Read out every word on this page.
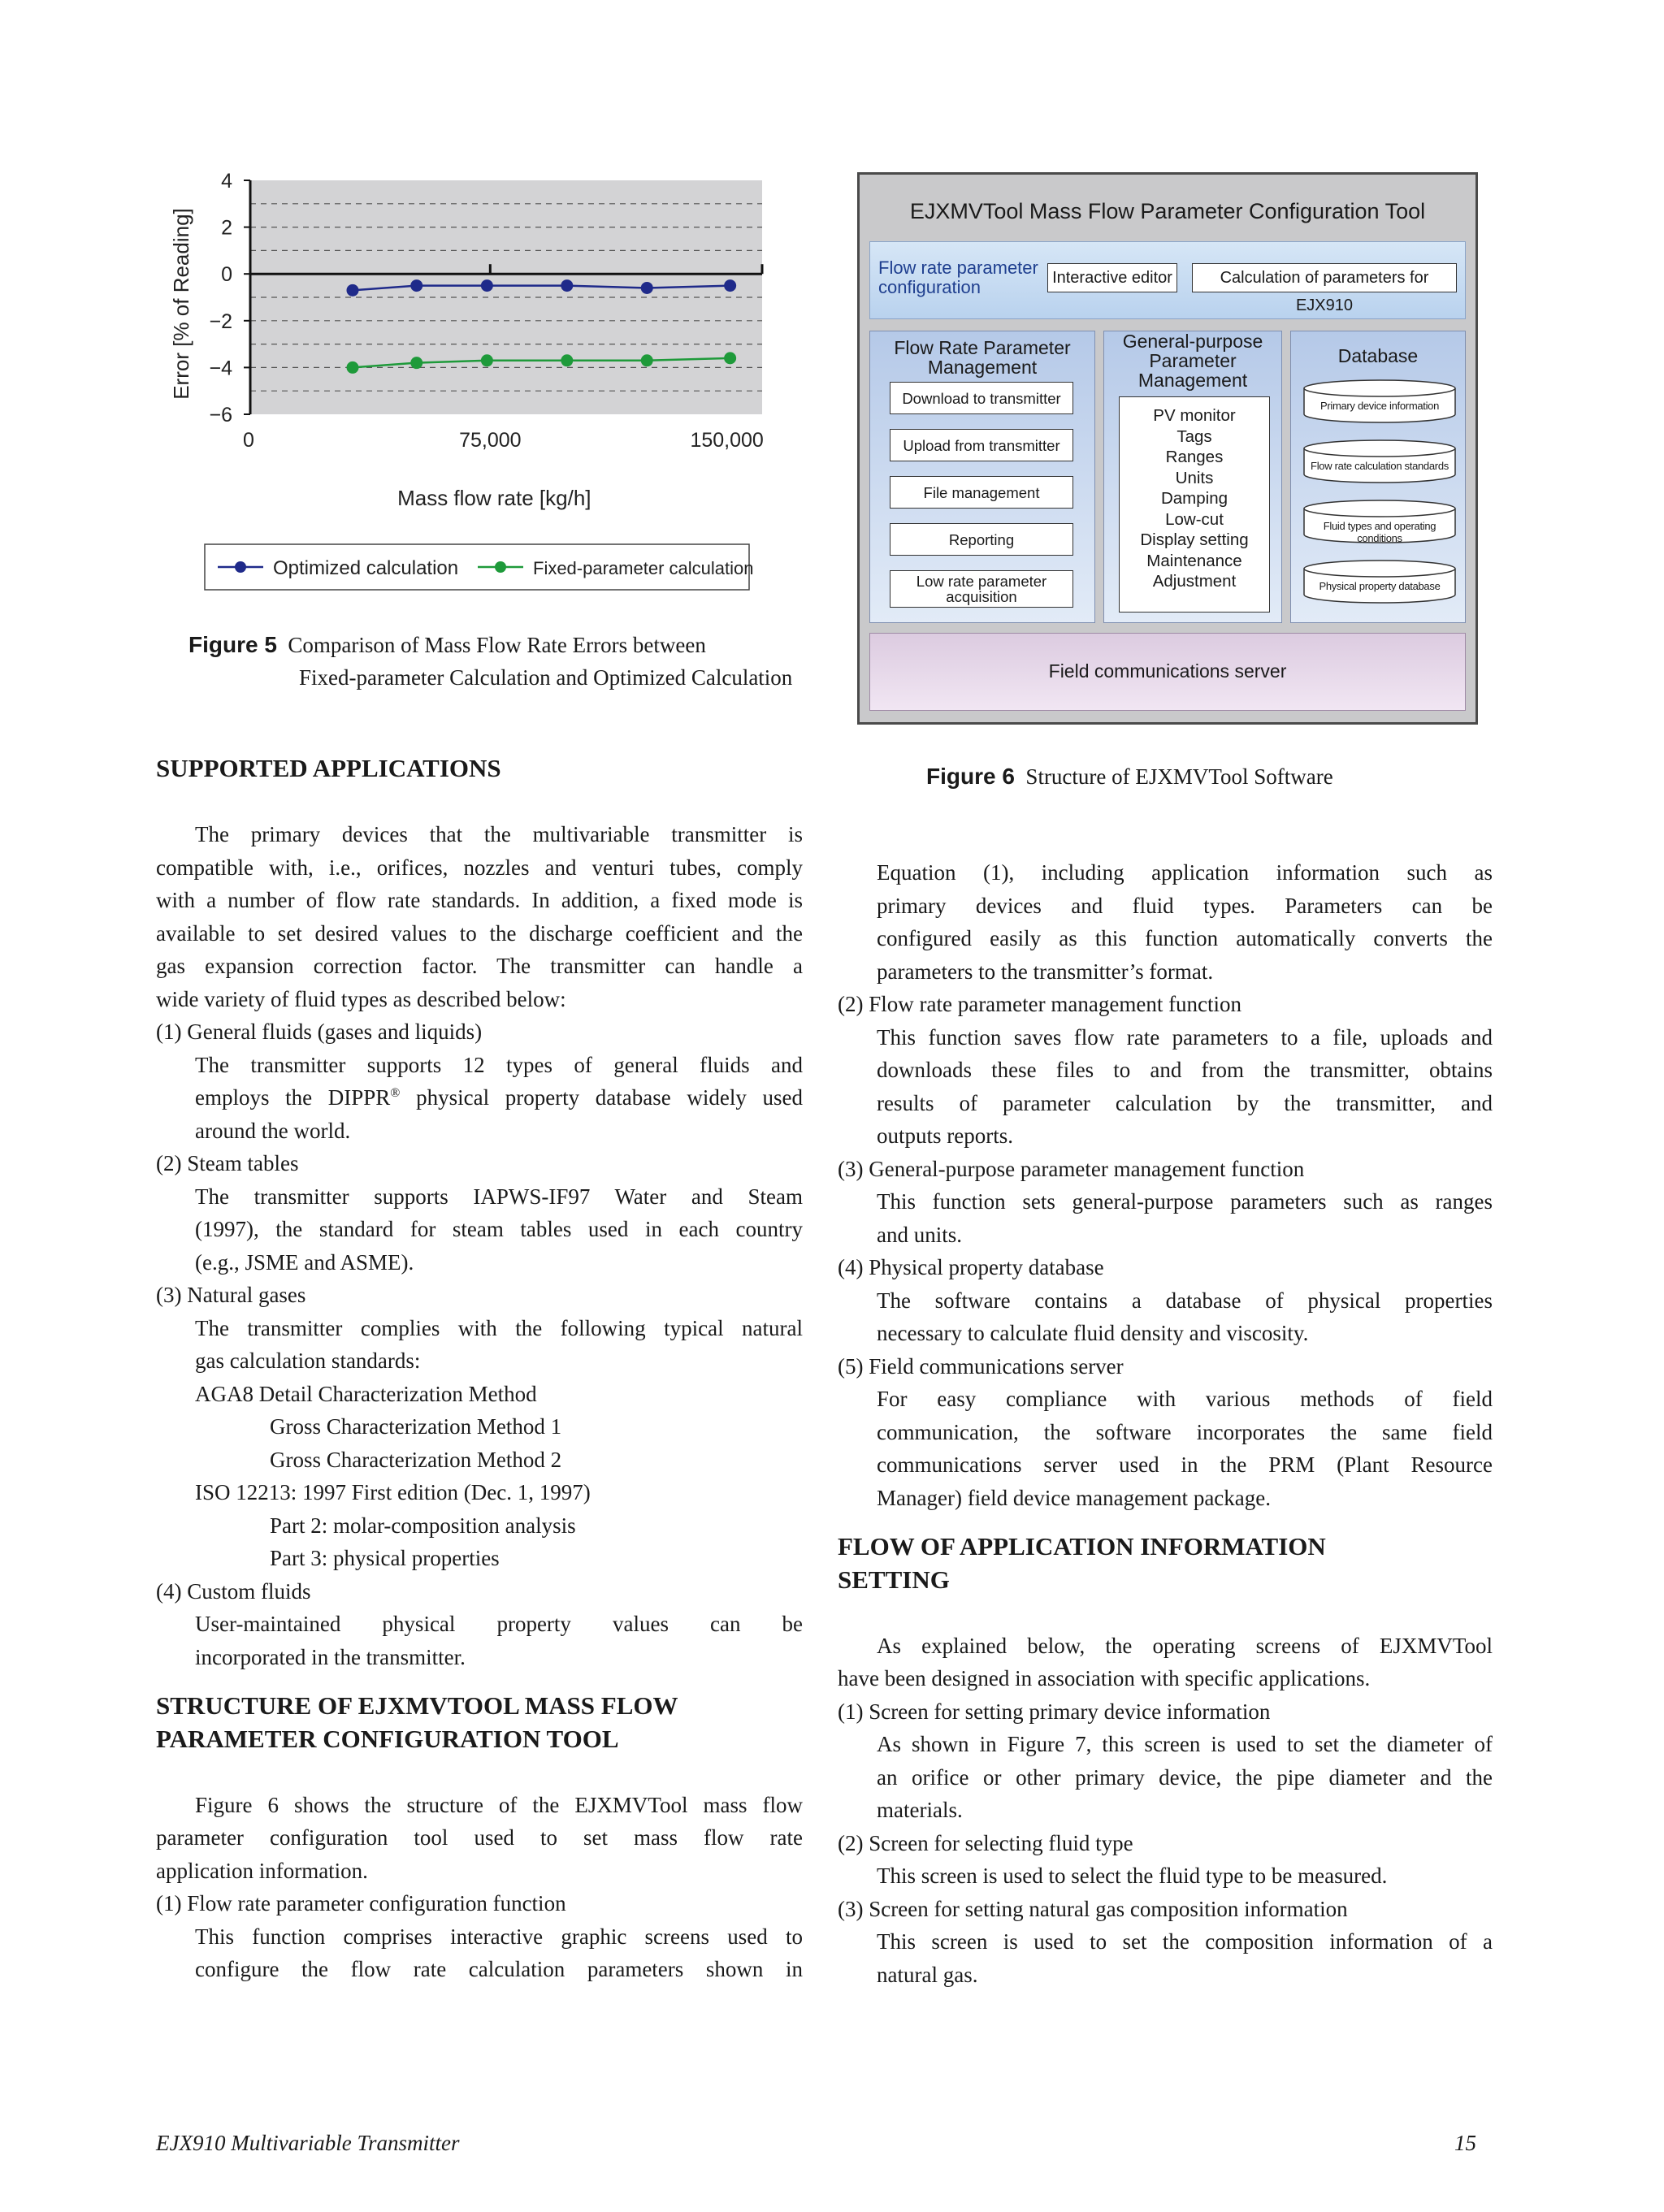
4
2
0
−2
−4
−6
0	75,000	150,000
Mass flow rate [kg/h]
Error [% of Reading]
Optimized calculation	Fixed-parameter calculation
Figure 5 Comparison of Mass Flow Rate Errors between
Fixed-parameter Calculation and Optimized Calculation
EJXMVTool Mass Flow Parameter Configuration Tool
Flow rate parameter
configuration	Interactive editor	Calculation of parameters for EJX910
Flow Rate Parameter
Management
Download to transmitter
Upload from transmitter
File management
Reporting
Low rate parameter
acquisition
General-purpose
Parameter
Management
PV monitor
Tags
Ranges
Units
Damping
Low-cut
Display setting
Maintenance
Adjustment
Database
Primary device information
Flow rate calculation standards
Fluid types and operating conditions
Physical property database
Field communications server
Figure 6 Structure of EJXMVTool Software
SUPPORTED APPLICATIONS
The primary devices that the multivariable transmitter is
compatible with, i.e., orifices, nozzles and venturi tubes, comply
with a number of flow rate standards. In addition, a fixed mode is
available to set desired values to the discharge coefficient and the
gas expansion correction factor. The transmitter can handle a
wide variety of fluid types as described below:
(1) General fluids (gases and liquids)
The transmitter supports 12 types of general fluids and
employs the DIPPR® physical property database widely used
around the world.
(2) Steam tables
The transmitter supports IAPWS-IF97 Water and Steam
(1997), the standard for steam tables used in each country
(e.g., JSME and ASME).
(3) Natural gases
The transmitter complies with the following typical natural
gas calculation standards:
AGA8 Detail Characterization Method
Gross Characterization Method 1
Gross Characterization Method 2
ISO 12213: 1997 First edition (Dec. 1, 1997)
Part 2: molar-composition analysis
Part 3: physical properties
(4) Custom fluids
User-maintained physical property values can be
incorporated in the transmitter.
STRUCTURE OF EJXMVTOOL MASS FLOW
PARAMETER CONFIGURATION TOOL
Figure 6 shows the structure of the EJXMVTool mass flow
parameter configuration tool used to set mass flow rate
application information.
(1) Flow rate parameter configuration function
This function comprises interactive graphic screens used to
configure the flow rate calculation parameters shown in
Equation (1), including application information such as
primary devices and fluid types. Parameters can be
configured easily as this function automatically converts the
parameters to the transmitter’s format.
(2) Flow rate parameter management function
This function saves flow rate parameters to a file, uploads and
downloads these files to and from the transmitter, obtains
results of parameter calculation by the transmitter, and
outputs reports.
(3) General-purpose parameter management function
This function sets general-purpose parameters such as ranges
and units.
(4) Physical property database
The software contains a database of physical properties
necessary to calculate fluid density and viscosity.
(5) Field communications server
For easy compliance with various methods of field
communication, the software incorporates the same field
communications server used in the PRM (Plant Resource
Manager) field device management package.
FLOW OF APPLICATION INFORMATION
SETTING
As explained below, the operating screens of EJXMVTool
have been designed in association with specific applications.
(1) Screen for setting primary device information
As shown in Figure 7, this screen is used to set the diameter of
an orifice or other primary device, the pipe diameter and the
materials.
(2) Screen for selecting fluid type
This screen is used to select the fluid type to be measured.
(3) Screen for setting natural gas composition information
This screen is used to set the composition information of a
natural gas.
EJX910 Multivariable Transmitter	15
